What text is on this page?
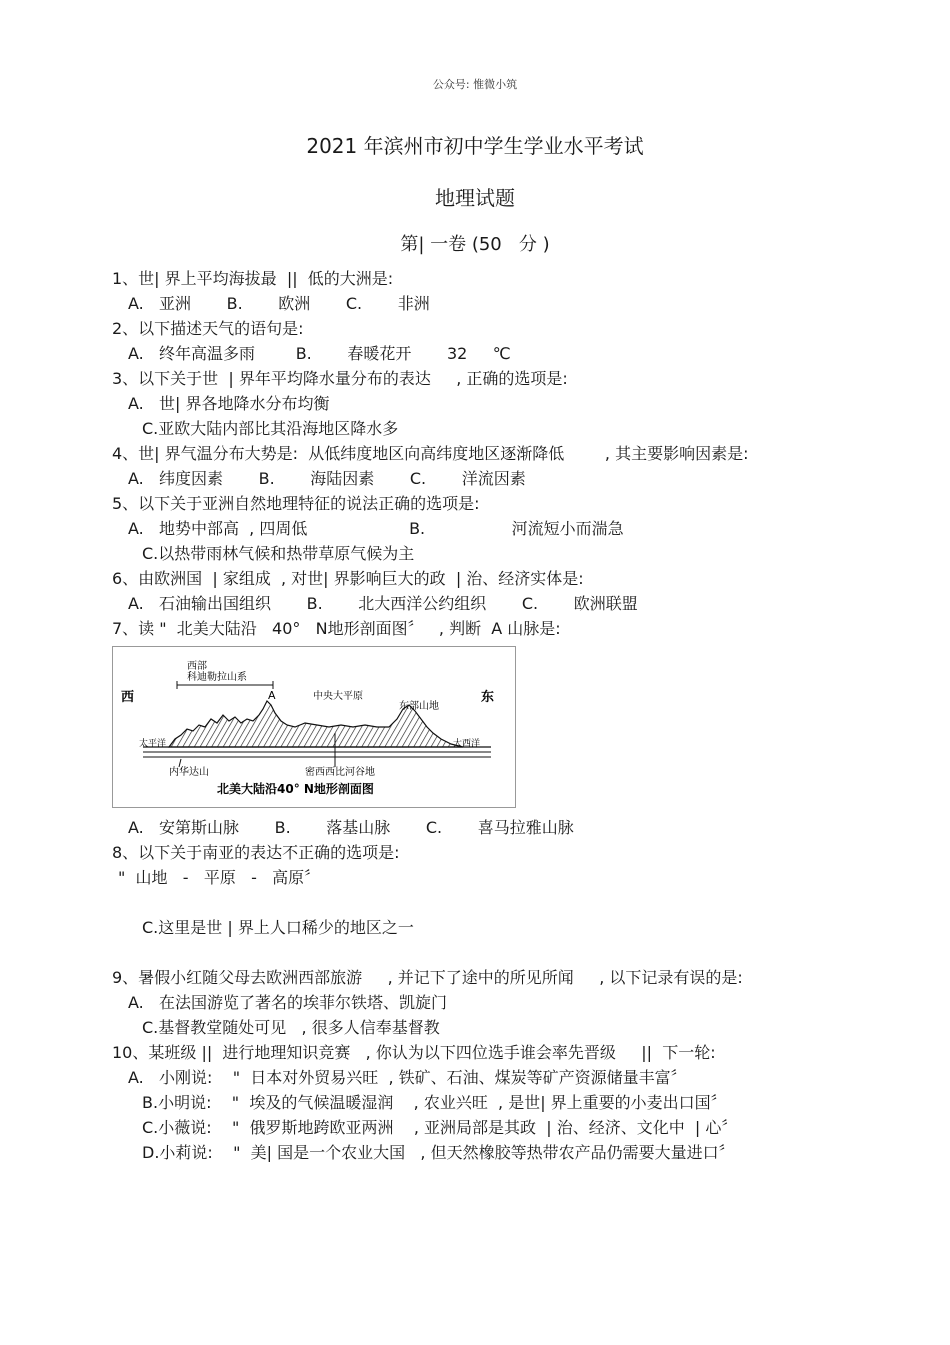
公众号: 惟微小筑
2021 年滨州市初中学生学业水平考试
地理试题
第| 一卷 (50   分 )
1、世| 界上平均海拔最  ||  低的大洲是:
A.   亚洲       B.       欧洲       C.       非洲
2、以下描述天气的语句是:
A.   终年高温多雨        B.       春暖花开       32     ℃
3、以下关于世  | 界年平均降水量分布的表达     , 正确的选项是:
A.   世| 界各地降水分布均衡
C.亚欧大陆内部比其沿海地区降水多
4、世| 界气温分布大势是:  从低纬度地区向高纬度地区逐渐降低        , 其主要影响因素是:
A.   纬度因素       B.       海陆因素       C.       洋流因素
5、以下关于亚洲自然地理特征的说法正确的选项是:
A.   地势中部高  , 四周低                    B.                 河流短小而湍急
C.以热带雨林气候和热带草原气候为主
6、由欧洲国  | 家组成  , 对世| 界影响巨大的政  | 治、经济实体是:
A.   石油输出国组织       B.       北大西洋公约组织       C.       欧洲联盟
7、读 "  北美大陆沿   40°   N地形剖面图〞   , 判断  A 山脉是:
西	东
西部
科迪勒拉山系
A	中央大平原
东部山地
太平洋	大西洋
内华达山	密西西比河谷地
北美大陆沿40° N地形剖面图
A.   安第斯山脉       B.       落基山脉       C.       喜马拉雅山脉
8、以下关于南亚的表达不正确的选项是:
"  山地   -   平原   -   高原〞
C.这里是世 | 界上人口稀少的地区之一
9、暑假小红随父母去欧洲西部旅游     , 并记下了途中的所见所闻     , 以下记录有误的是:
A.   在法国游览了著名的埃菲尔铁塔、凯旋门
C.基督教堂随处可见   , 很多人信奉基督教
10、某班级 ||  进行地理知识竞赛   , 你认为以下四位选手谁会率先晋级     ||  下一轮:
A.   小刚说:    "  日本对外贸易兴旺  , 铁矿、石油、煤炭等矿产资源储量丰富〞
B.小明说:    "  埃及的气候温暖湿润    , 农业兴旺  , 是世| 界上重要的小麦出口国〞
C.小薇说:    "  俄罗斯地跨欧亚两洲    , 亚洲局部是其政  | 治、经济、文化中  | 心〞
D.小莉说:    "  美| 国是一个农业大国   , 但天然橡胶等热带农产品仍需要大量进口〞
